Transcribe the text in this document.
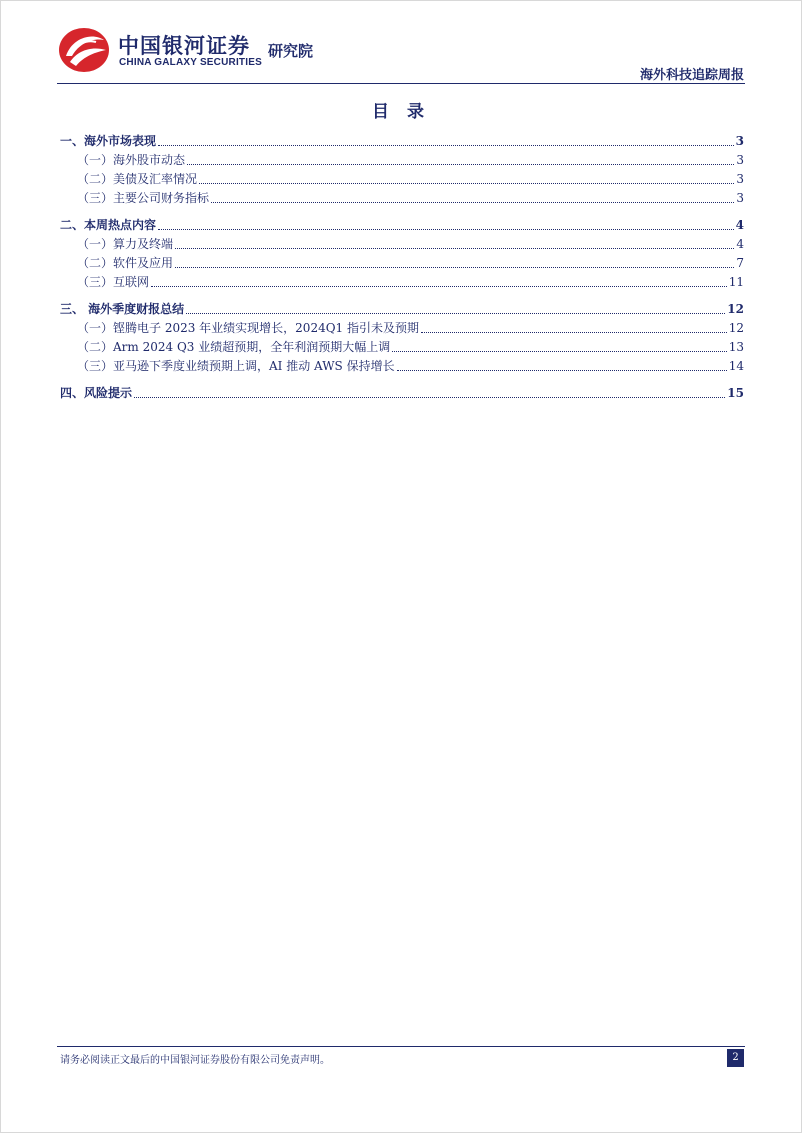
中国银河证券
CHINA GALAXY SECURITIES
研究院
海外科技追踪周报
目 录
一、海外市场表现	3
（一）海外股市动态	3
（二）美债及汇率情况	3
（三）主要公司财务指标	3
二、本周热点内容	4
（一）算力及终端	4
（二）软件及应用	7
（三）互联网	11
三、 海外季度财报总结	12
（一）铿腾电子 2023 年业绩实现增长，2024Q1 指引未及预期	12
（二）Arm 2024 Q3 业绩超预期，全年利润预期大幅上调	13
（三）亚马逊下季度业绩预期上调，AI 推动 AWS 保持增长	14
四、风险提示	15
请务必阅读正文最后的中国银河证券股份有限公司免责声明。	2
